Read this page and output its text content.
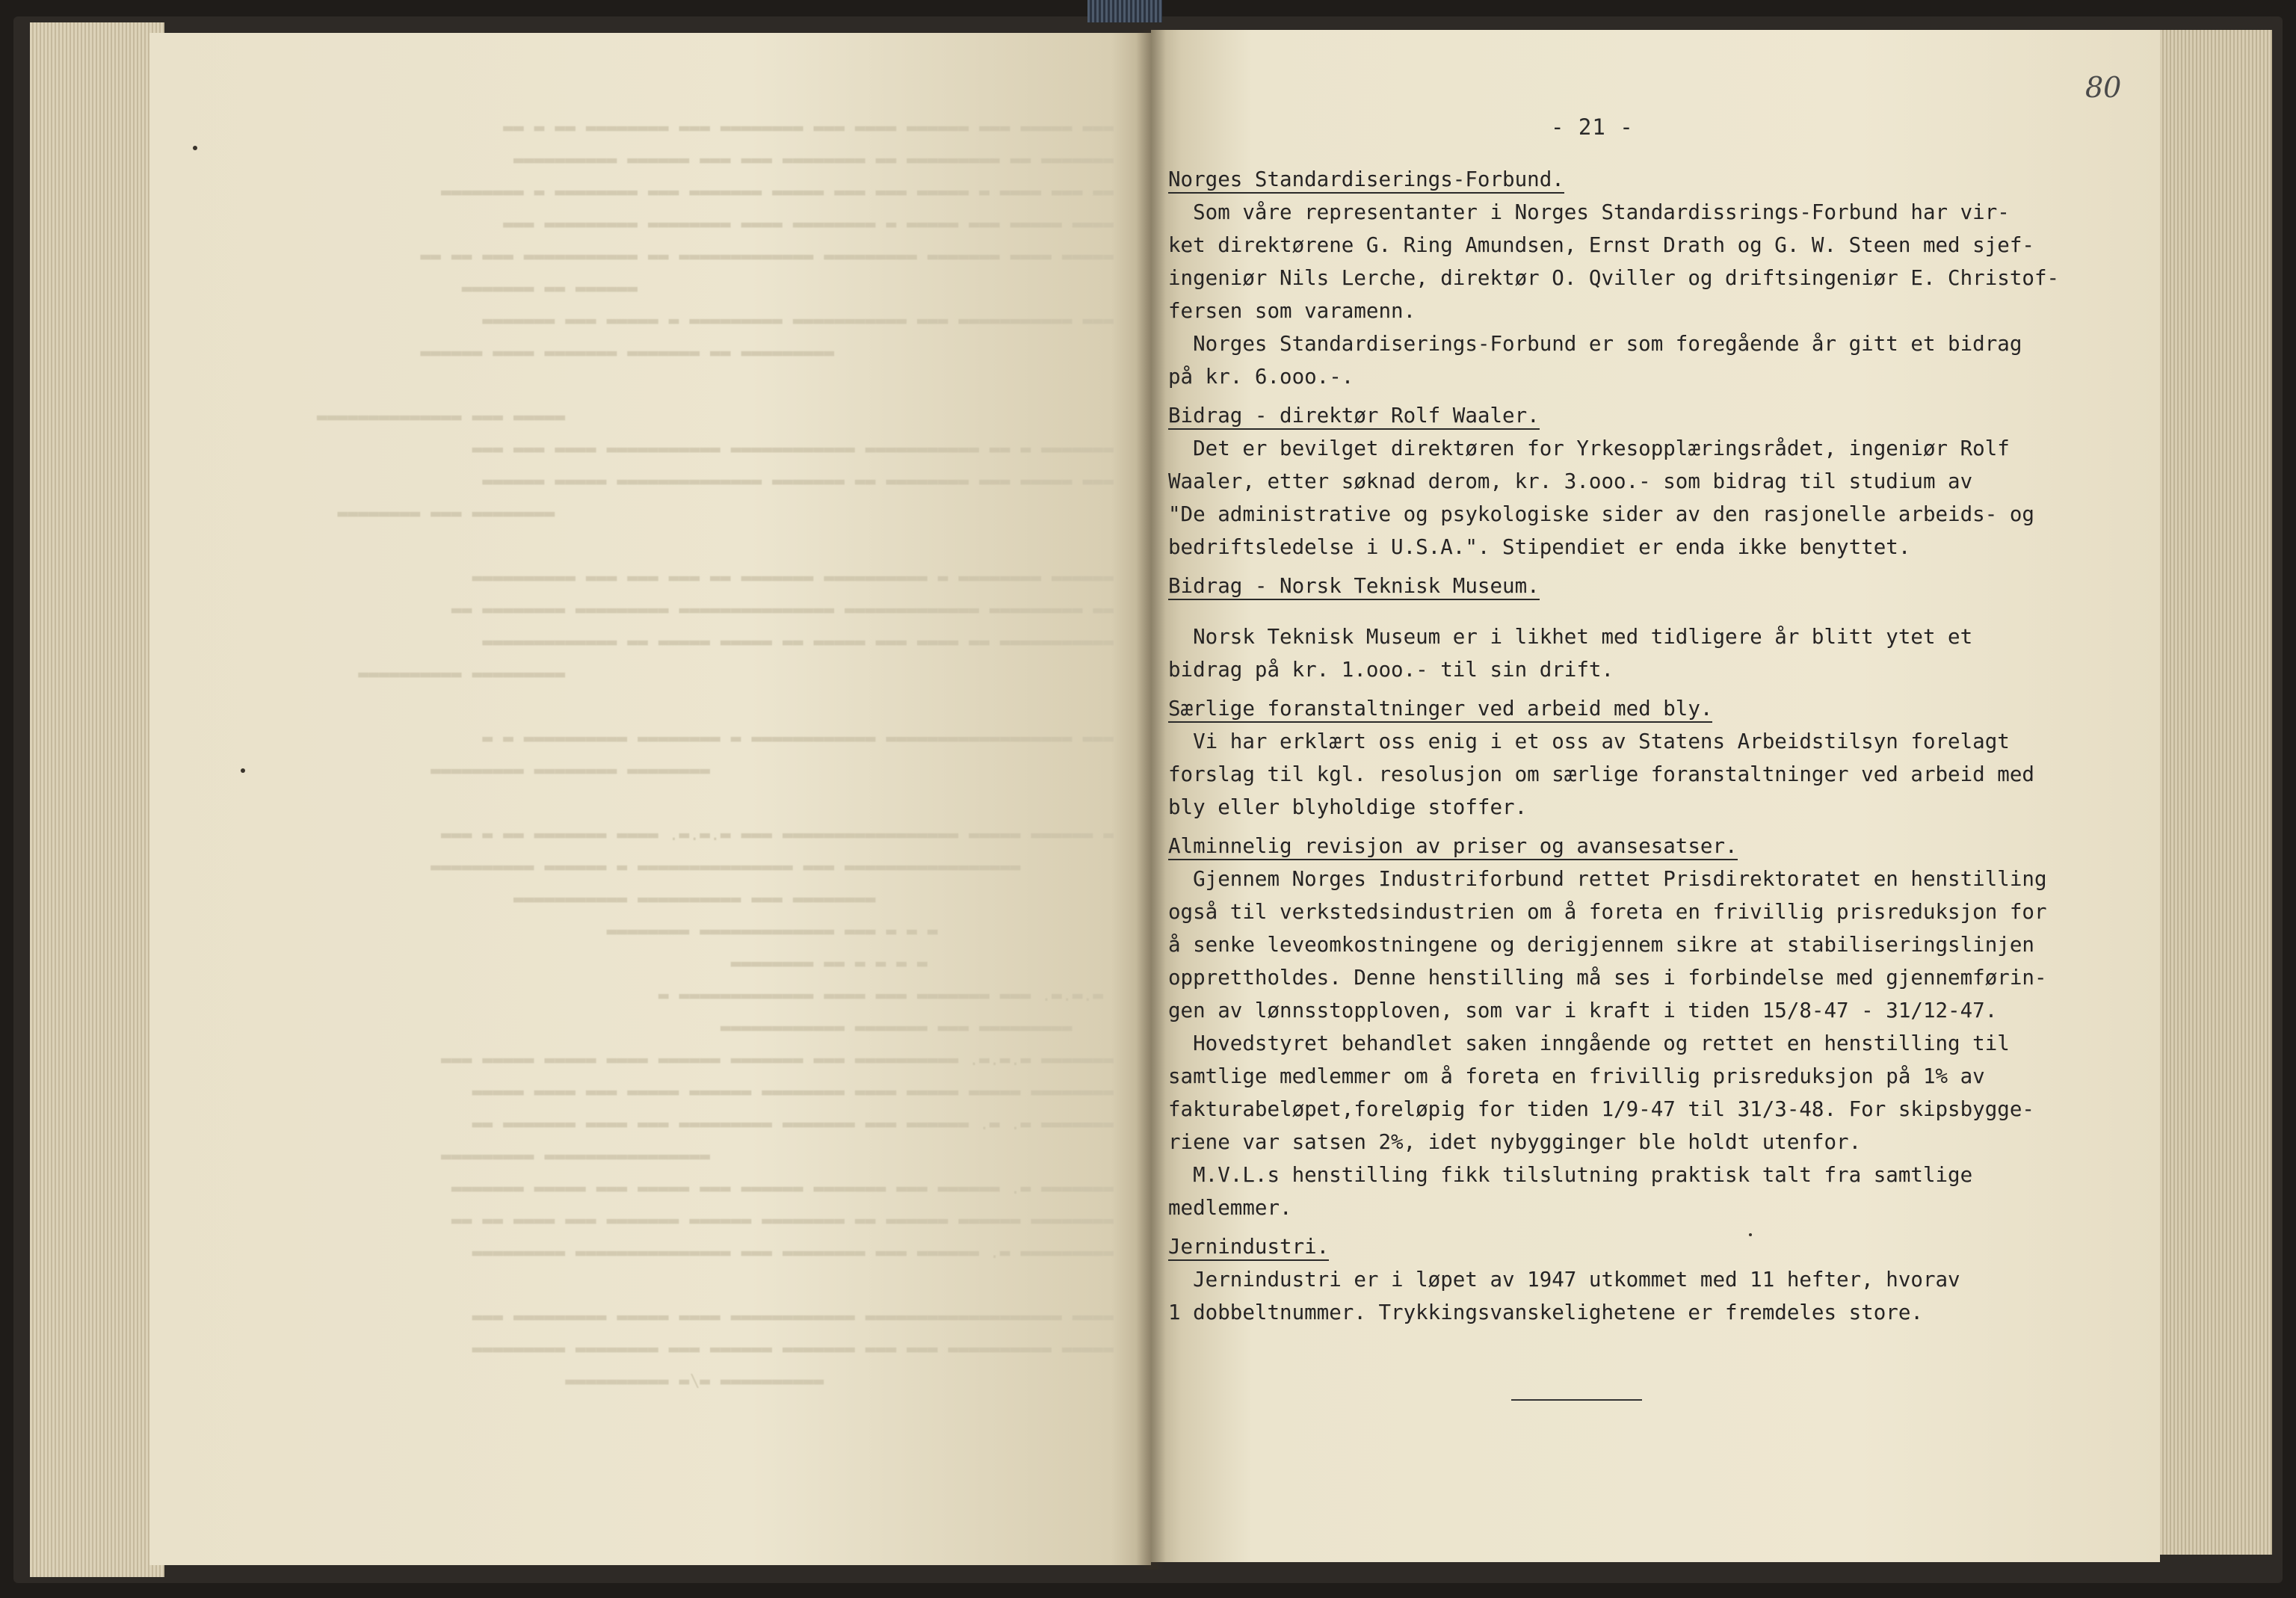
▬▬▬ ▬▬▬▬▬ ▬▬▬ ▬▬▬▬▬▬ ▬▬▬▬ ▬▬▬ ▬▬▬▬▬▬▬▬ ▬▬▬ ▬▬▬▬▬▬▬▬ ▬▬ ▬ ▬▬
▬▬▬▬▬▬▬ ▬▬ ▬▬▬▬▬▬▬▬▬ ▬▬ ▬▬▬▬▬▬▬▬ ▬▬▬ ▬▬▬ ▬▬▬▬▬▬ ▬▬▬▬▬▬▬▬▬▬
▬▬ ▬▬▬ ▬▬▬▬ ▬ ▬▬▬▬▬ ▬▬▬ ▬▬▬ ▬▬▬▬▬ ▬▬▬▬▬▬▬ ▬▬▬ ▬▬▬▬▬▬▬▬ ▬ ▬▬▬▬▬▬▬▬
▬▬▬▬ ▬▬▬▬▬ ▬▬▬ ▬▬▬▬▬ ▬ ▬▬▬▬▬▬▬▬ ▬▬▬▬ ▬▬▬▬▬▬▬▬ ▬▬▬▬▬▬▬▬▬ ▬▬▬
▬▬▬▬▬ ▬▬▬▬ ▬▬▬▬▬▬▬ ▬▬▬▬▬▬▬▬▬ ▬▬▬▬▬▬▬▬▬▬▬▬▬ ▬▬ ▬▬▬▬▬▬▬▬▬▬▬ ▬▬▬ ▬▬ ▬▬
▬▬▬▬▬▬ ▬▬ ▬▬▬▬▬▬▬
▬▬▬ ▬▬▬▬▬▬▬▬▬▬▬ ▬▬▬ ▬▬▬▬▬▬▬▬▬▬▬ ▬▬▬▬▬▬▬▬▬ ▬ ▬▬▬▬▬ ▬▬▬ ▬▬▬▬▬▬▬
▬▬▬▬▬▬▬▬▬ ▬▬ ▬▬▬▬▬▬▬ ▬▬▬▬▬▬▬ ▬▬▬▬ ▬▬▬▬▬▬

▬▬▬▬▬ ▬▬▬ ▬▬▬▬▬▬▬▬▬▬▬▬▬▬
▬▬▬▬▬▬▬ ▬ ▬▬ ▬▬▬▬▬▬▬▬▬▬▬ ▬▬▬▬▬▬▬▬▬▬▬▬ ▬▬▬▬▬▬▬▬▬▬▬ ▬▬▬▬ ▬▬▬ ▬▬▬
▬▬▬ ▬▬▬▬▬ ▬▬▬ ▬▬▬▬▬▬▬▬ ▬▬ ▬▬▬▬▬▬▬ ▬▬▬▬▬▬▬▬▬▬▬▬▬▬ ▬▬▬▬▬ ▬▬▬▬▬▬
▬▬▬▬▬▬▬▬ ▬▬▬ ▬▬▬▬▬▬▬▬

▬▬▬▬▬▬ ▬▬▬▬▬▬▬▬ ▬ ▬▬▬▬▬▬▬▬▬▬ ▬▬▬▬▬▬▬ ▬▬ ▬▬▬ ▬▬▬ ▬▬▬ ▬▬▬▬▬▬▬▬▬▬
▬▬ ▬▬▬▬▬▬▬▬▬ ▬▬▬▬▬▬▬▬▬▬▬▬▬ ▬▬▬▬▬▬▬▬▬▬▬▬▬▬▬ ▬▬▬▬▬▬▬▬▬ ▬▬▬▬▬▬▬▬ ▬▬
▬▬▬▬▬▬▬▬▬▬▬ ▬▬ ▬▬▬▬ ▬▬▬ ▬▬▬▬▬ ▬▬ ▬▬▬▬▬ ▬▬▬▬▬ ▬▬ ▬▬▬▬▬▬▬▬▬▬▬▬▬
▬▬▬▬▬▬▬▬▬ ▬▬▬▬▬▬▬▬▬▬

▬▬▬ ▬▬▬▬▬▬▬▬▬▬▬▬▬▬▬▬▬▬ ▬▬▬▬▬▬▬▬▬▬▬▬ ▬ ▬▬▬▬▬▬▬▬ ▬▬▬▬▬▬▬▬▬▬ ▬ ▬
▬▬▬▬▬▬▬▬ ▬▬▬▬▬▬▬▬ ▬▬▬▬▬▬▬▬▬

▬ ▬▬▬▬▬▬ ▬▬▬▬▬ ▬▬▬▬▬▬▬▬▬▬▬▬▬▬▬▬▬ ▬▬▬ ▬.▬.▬. ▬▬▬▬ ▬▬▬▬▬▬▬ ▬▬ ▬ ▬▬▬
▬▬▬▬▬▬▬▬▬▬▬▬▬▬▬▬▬ ▬▬▬ ▬▬▬▬▬▬▬▬▬▬▬▬▬▬▬ ▬ ▬▬▬▬▬▬ ▬▬▬▬▬▬▬▬▬▬
▬▬▬▬▬▬▬▬ ▬▬▬ ▬▬▬▬▬▬▬▬▬▬ ▬▬▬▬▬▬▬▬▬▬▬
▬ ▬ ▬ ▬▬▬ ▬▬▬▬▬▬▬▬▬▬▬▬▬ ▬▬▬▬▬▬▬▬
▬ ▬ ▬ ▬ ▬▬ ▬▬▬▬▬▬▬▬
▬.▬.▬. ▬▬▬ ▬▬▬▬▬▬▬ ▬▬▬ ▬▬▬▬ ▬▬▬▬▬▬▬▬▬▬▬▬▬ ▬
▬▬▬▬▬▬▬▬▬ ▬▬▬ ▬▬▬▬▬▬▬ ▬▬▬▬▬▬▬▬▬▬▬▬
▬▬▬▬▬▬▬ ▬.▬.▬. ▬▬▬▬▬▬▬▬▬▬ ▬▬▬ ▬▬▬▬▬▬▬ ▬▬▬▬▬▬ ▬▬▬▬ ▬▬▬▬▬ ▬▬▬▬▬ ▬▬▬
▬▬▬▬▬▬▬▬ ▬▬▬▬▬ ▬▬▬▬▬ ▬▬▬▬ ▬▬▬▬▬▬▬▬ ▬▬▬▬▬▬ ▬▬▬▬▬ ▬▬▬ ▬▬▬▬ ▬▬▬▬▬
▬▬▬▬▬▬▬ ▬. ▬. ▬▬▬▬▬▬ ▬▬▬ ▬▬▬▬▬▬▬ ▬▬▬▬▬▬▬▬▬ ▬▬▬ ▬▬▬▬ ▬▬▬▬▬▬▬ ▬▬
▬▬▬▬▬▬▬▬▬▬▬▬▬▬▬▬ ▬▬▬▬▬▬▬▬▬
▬▬▬▬▬▬▬ ▬. ▬▬▬▬▬▬ ▬▬▬ ▬▬▬▬▬▬▬ ▬▬▬▬▬▬ ▬▬▬ ▬▬▬▬▬ ▬▬▬ ▬▬▬▬▬ ▬▬▬▬▬▬▬
▬▬▬▬▬▬▬▬ ▬▬▬▬▬▬ ▬▬▬▬▬▬ ▬▬ ▬▬▬▬▬▬▬▬ ▬▬▬▬▬▬ ▬▬▬▬▬▬▬ ▬▬▬ ▬▬▬▬ ▬▬ ▬▬
▬▬▬▬▬▬▬▬▬ ▬. ▬▬▬▬▬▬ ▬▬▬ ▬▬▬▬▬▬▬▬ ▬▬▬ ▬▬▬▬▬▬▬▬▬▬▬▬▬▬▬ ▬▬▬▬▬▬▬▬▬

▬▬▬▬ ▬▬▬▬▬▬▬▬▬▬▬▬▬▬▬▬▬▬▬ ▬▬▬▬▬▬▬▬▬▬▬▬ ▬▬▬▬ ▬▬▬▬▬ ▬▬▬▬▬▬▬▬▬ ▬▬▬
▬▬▬▬▬ ▬▬▬▬▬▬▬▬▬▬ ▬▬▬ ▬▬▬ ▬▬▬▬▬▬▬ ▬▬▬▬▬▬ ▬▬▬ ▬▬▬▬▬▬▬▬ ▬▬▬▬▬▬▬▬▬
▬▬▬▬▬▬▬▬▬▬ ▬/▬ ▬▬▬▬▬▬▬▬▬▬
80
- 21 -
Norges Standardiserings-Forbund.
Som våre representanter i Norges Standardissrings-Forbund har vir-
ket direktørene G. Ring Amundsen, Ernst Drath og G. W. Steen med sjef-
ingeniør Nils Lerche, direktør O. Qviller og driftsingeniør E. Christof-
fersen som varamenn.
Norges Standardiserings-Forbund er som foregående år gitt et bidrag
på kr. 6.ooo.-.
Bidrag - direktør Rolf Waaler.
Det er bevilget direktøren for Yrkesopplæringsrådet, ingeniør Rolf
Waaler, etter søknad derom, kr. 3.ooo.- som bidrag til studium av
"De administrative og psykologiske sider av den rasjonelle arbeids- og
bedriftsledelse i U.S.A.". Stipendiet er enda ikke benyttet.
Bidrag - Norsk Teknisk Museum.
Norsk Teknisk Museum er i likhet med tidligere år blitt ytet et
bidrag på kr. 1.ooo.- til sin drift.
Særlige foranstaltninger ved arbeid med bly.
Vi har erklært oss enig i et oss av Statens Arbeidstilsyn forelagt
forslag til kgl. resolusjon om særlige foranstaltninger ved arbeid med
bly eller blyholdige stoffer.
Alminnelig revisjon av priser og avansesatser.
Gjennem Norges Industriforbund rettet Prisdirektoratet en henstilling
også til verkstedsindustrien om å foreta en frivillig prisreduksjon for
å senke leveomkostningene og derigjennem sikre at stabiliseringslinjen
opprettholdes. Denne henstilling må ses i forbindelse med gjennemførin-
gen av lønnsstopploven, som var i kraft i tiden 15/8-47 - 31/12-47.
Hovedstyret behandlet saken inngående og rettet en henstilling til
samtlige medlemmer om å foreta en frivillig prisreduksjon på 1% av
fakturabeløpet,foreløpig for tiden 1/9-47 til 31/3-48. For skipsbygge-
riene var satsen 2%, idet nybygginger ble holdt utenfor.
M.V.L.s henstilling fikk tilslutning praktisk talt fra samtlige
medlemmer.
Jernindustri.
Jernindustri er i løpet av 1947 utkommet med 11 hefter, hvorav
1 dobbeltnummer. Trykkingsvanskelighetene er fremdeles store.
